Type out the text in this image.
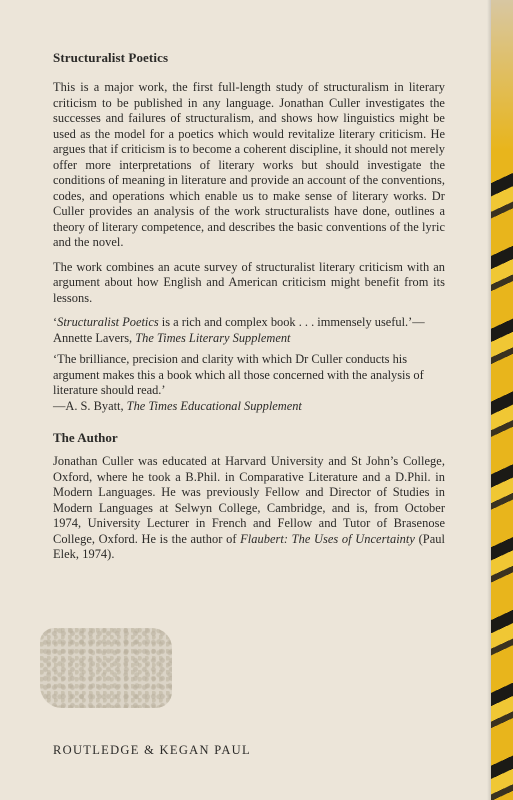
Structuralist Poetics

This is a major work, the first full-length study of structuralism in literary criticism to be published in any language. Jonathan Culler investigates the successes and failures of structuralism, and shows how linguistics might be used as the model for a poetics which would revitalize literary criticism. He argues that if criticism is to become a coherent discipline, it should not merely offer more interpretations of literary works but should investigate the conditions of meaning in literature and provide an account of the conventions, codes, and operations which enable us to make sense of literary works. Dr Culler provides an analysis of the work structuralists have done, outlines a theory of literary competence, and describes the basic conventions of the lyric and the novel.

The work combines an acute survey of structuralist literary criticism with an argument about how English and American criticism might benefit from its lessons.

‘Structuralist Poetics is a rich and complex book . . . immensely useful.’—Annette Lavers, The Times Literary Supplement

‘The brilliance, precision and clarity with which Dr Culler conducts his argument makes this a book which all those concerned with the analysis of literature should read.’
—A. S. Byatt, The Times Educational Supplement

The Author

Jonathan Culler was educated at Harvard University and St John’s College, Oxford, where he took a B.Phil. in Comparative Literature and a D.Phil. in Modern Languages. He was previously Fellow and Director of Studies in Modern Languages at Selwyn College, Cambridge, and is, from October 1974, University Lecturer in French and Fellow and Tutor of Brasenose College, Oxford. He is the author of Flaubert: The Uses of Uncertainty (Paul Elek, 1974).

ROUTLEDGE & KEGAN PAUL
